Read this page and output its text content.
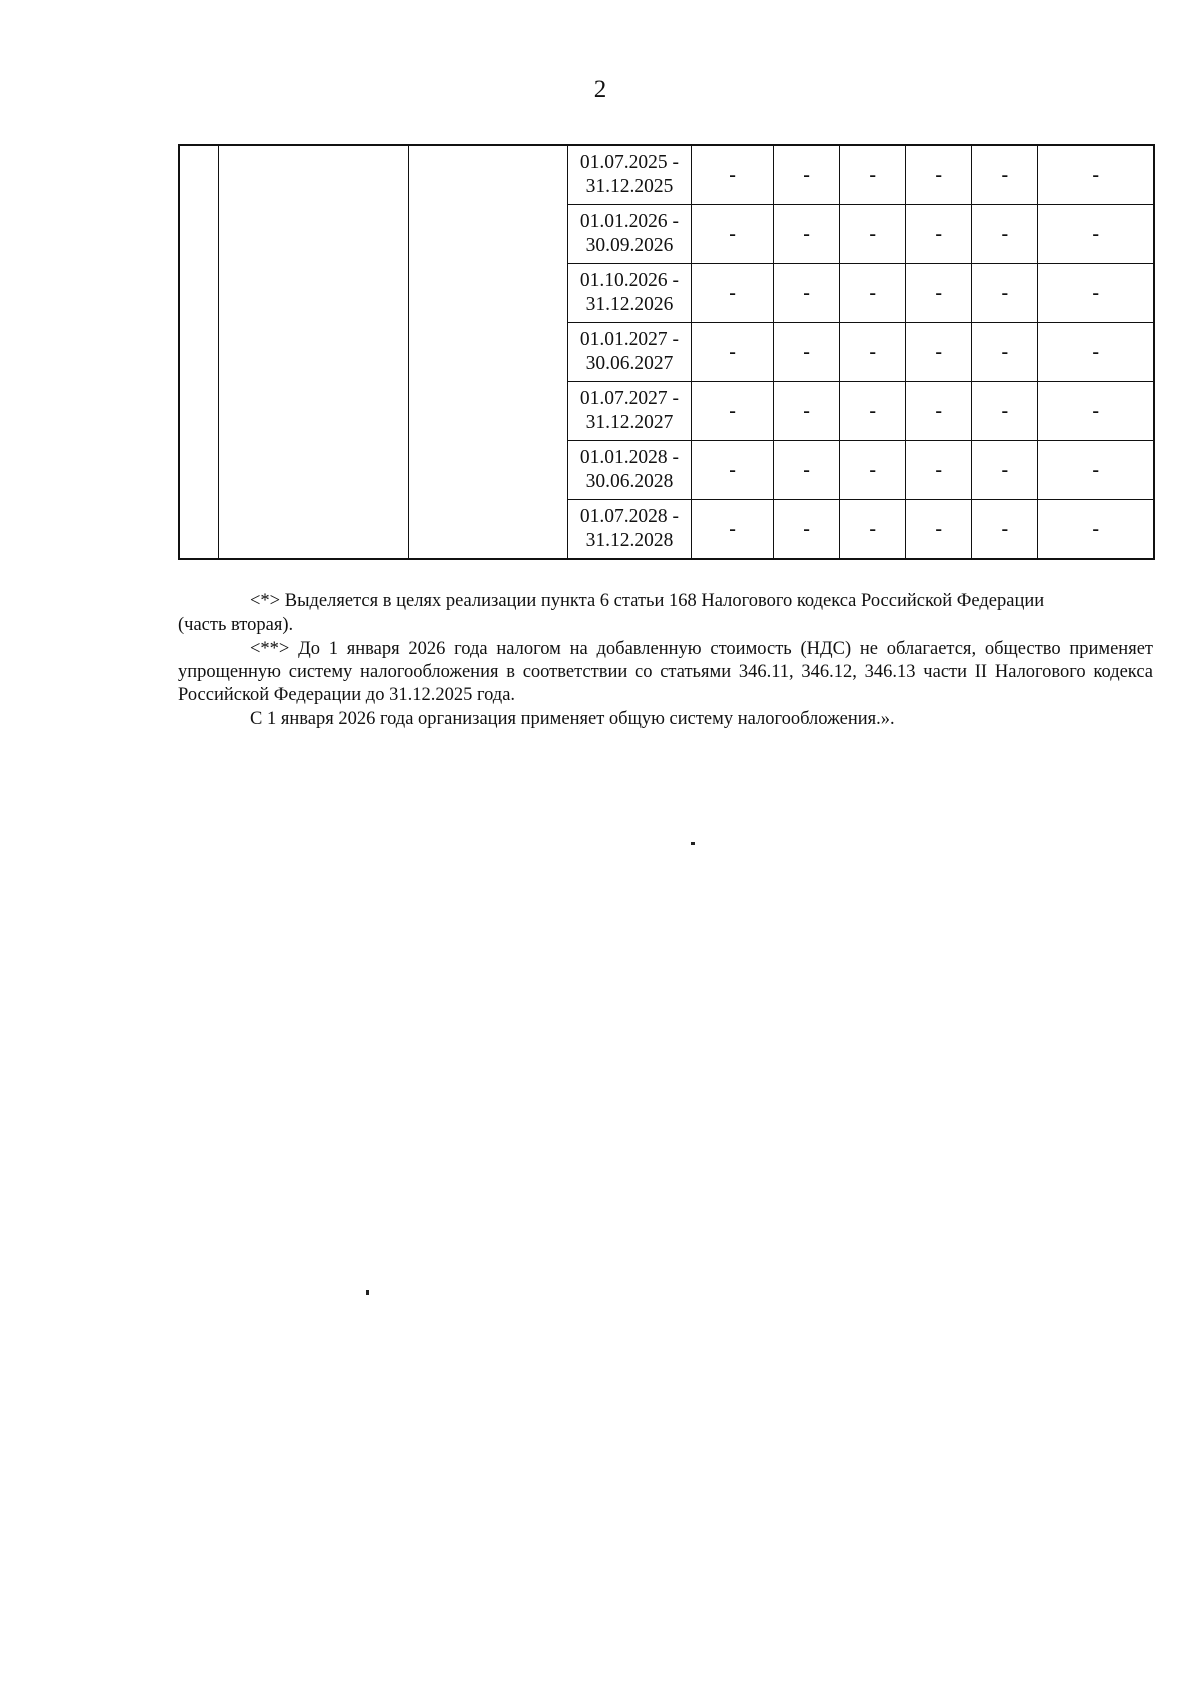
2

			01.07.2025 -
31.12.2025	-	-	-	-	-	-

			01.01.2026 -
30.09.2026	-	-	-	-	-	-

			01.10.2026 -
31.12.2026	-	-	-	-	-	-

			01.01.2027 -
30.06.2027	-	-	-	-	-	-

			01.07.2027 -
31.12.2027	-	-	-	-	-	-

			01.01.2028 -
30.06.2028	-	-	-	-	-	-

			01.07.2028 -
31.12.2028	-	-	-	-	-	-

<*> Выделяется в целях реализации пункта 6 статьи 168 Налогового кодекса Российской Федерации

(часть вторая).

<**> До 1 января 2026 года налогом на добавленную стоимость (НДС) не облагается, общество применяет упрощенную систему налогообложения в соответствии со статьями 346.11, 346.12, 346.13 части II Налогового кодекса Российской Федерации до 31.12.2025 года.

С 1 января 2026 года организация применяет общую систему налогообложения.».
